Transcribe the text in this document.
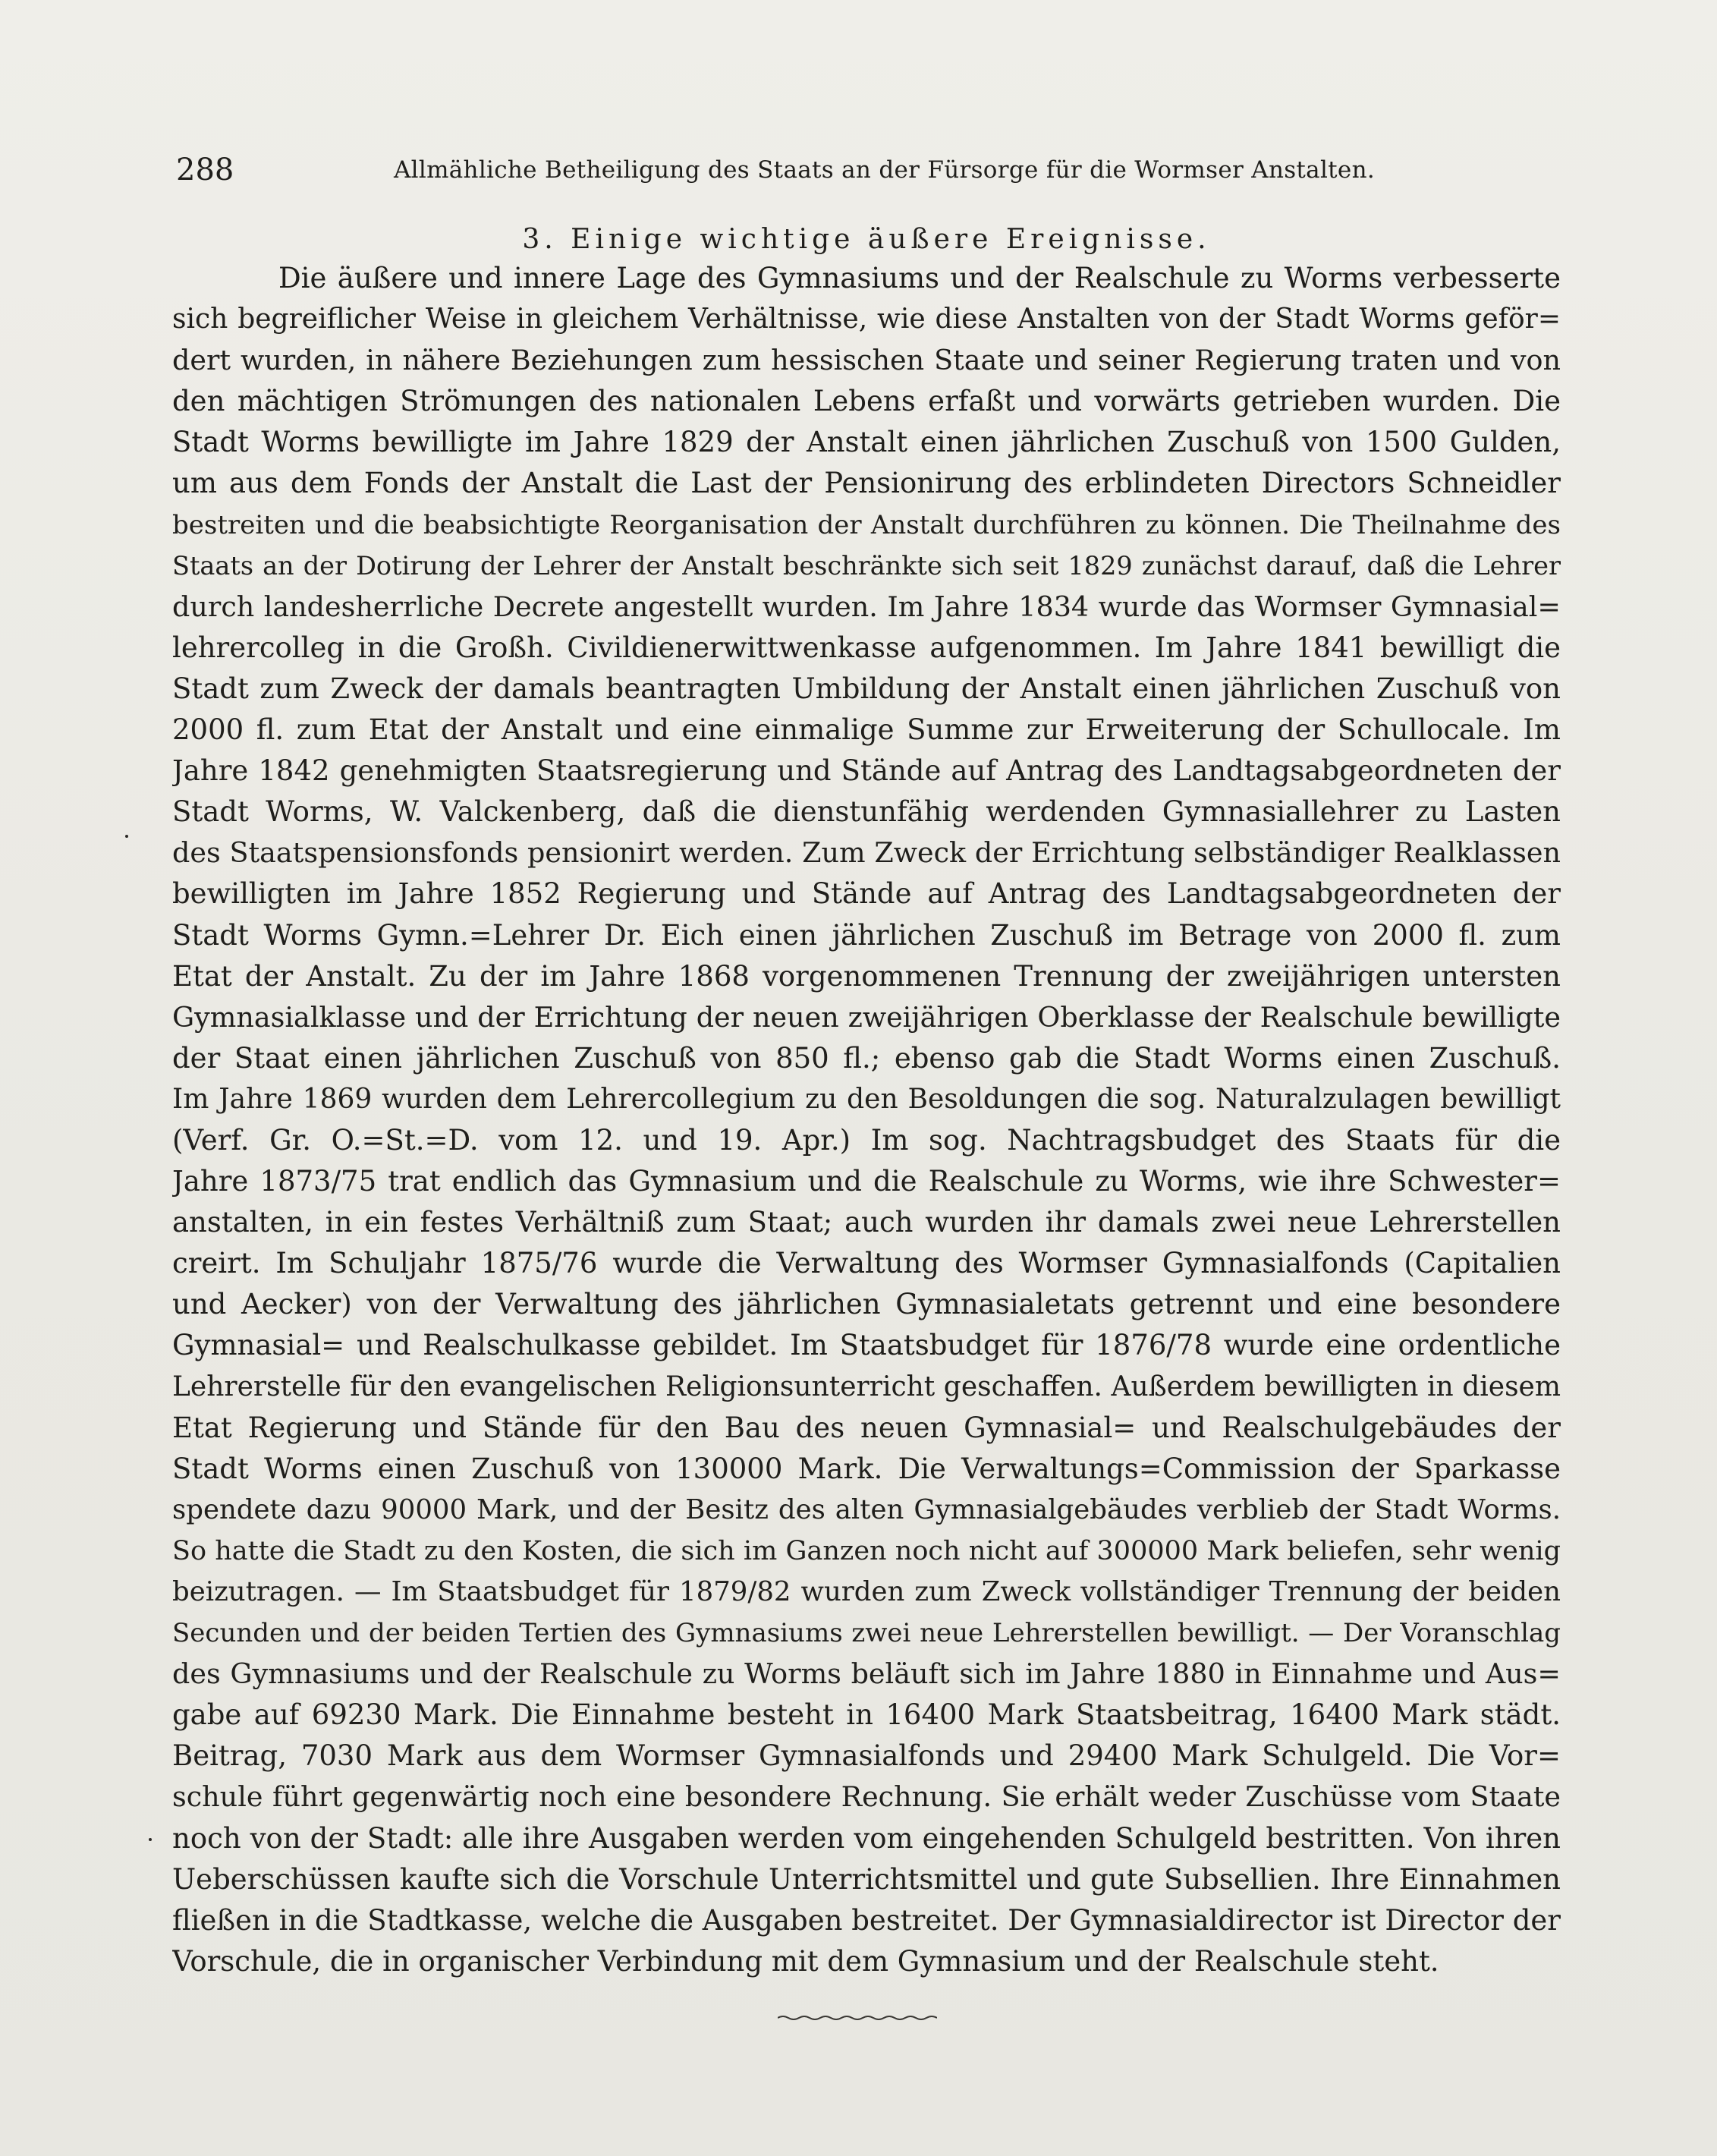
288	Allmähliche Betheiligung des Staats an der Fürsorge für die Wormser Anstalten.
3. Einige wichtige äußere Ereignisse.
Die äußere und innere Lage des Gymnasiums und der Realschule zu Worms verbesserte
sich begreiflicher Weise in gleichem Verhältnisse, wie diese Anstalten von der Stadt Worms geför=
dert wurden, in nähere Beziehungen zum hessischen Staate und seiner Regierung traten und von
den mächtigen Strömungen des nationalen Lebens erfaßt und vorwärts getrieben wurden. Die
Stadt Worms bewilligte im Jahre 1829 der Anstalt einen jährlichen Zuschuß von 1500 Gulden,
um aus dem Fonds der Anstalt die Last der Pensionirung des erblindeten Directors Schneidler
bestreiten und die beabsichtigte Reorganisation der Anstalt durchführen zu können. Die Theilnahme des
Staats an der Dotirung der Lehrer der Anstalt beschränkte sich seit 1829 zunächst darauf, daß die Lehrer
durch landesherrliche Decrete angestellt wurden. Im Jahre 1834 wurde das Wormser Gymnasial=
lehrercolleg in die Großh. Civildienerwittwenkasse aufgenommen. Im Jahre 1841 bewilligt die
Stadt zum Zweck der damals beantragten Umbildung der Anstalt einen jährlichen Zuschuß von
2000 fl. zum Etat der Anstalt und eine einmalige Summe zur Erweiterung der Schullocale. Im
Jahre 1842 genehmigten Staatsregierung und Stände auf Antrag des Landtagsabgeordneten der
Stadt Worms, W. Valckenberg, daß die dienstunfähig werdenden Gymnasiallehrer zu Lasten
des Staatspensionsfonds pensionirt werden. Zum Zweck der Errichtung selbständiger Realklassen
bewilligten im Jahre 1852 Regierung und Stände auf Antrag des Landtagsabgeordneten der
Stadt Worms Gymn.=Lehrer Dr. Eich einen jährlichen Zuschuß im Betrage von 2000 fl. zum
Etat der Anstalt. Zu der im Jahre 1868 vorgenommenen Trennung der zweijährigen untersten
Gymnasialklasse und der Errichtung der neuen zweijährigen Oberklasse der Realschule bewilligte
der Staat einen jährlichen Zuschuß von 850 fl.; ebenso gab die Stadt Worms einen Zuschuß.
Im Jahre 1869 wurden dem Lehrercollegium zu den Besoldungen die sog. Naturalzulagen bewilligt
(Verf. Gr. O.=St.=D. vom 12. und 19. Apr.) Im sog. Nachtragsbudget des Staats für die
Jahre 1873/75 trat endlich das Gymnasium und die Realschule zu Worms, wie ihre Schwester=
anstalten, in ein festes Verhältniß zum Staat; auch wurden ihr damals zwei neue Lehrerstellen
creirt. Im Schuljahr 1875/76 wurde die Verwaltung des Wormser Gymnasialfonds (Capitalien
und Aecker) von der Verwaltung des jährlichen Gymnasialetats getrennt und eine besondere
Gymnasial= und Realschulkasse gebildet. Im Staatsbudget für 1876/78 wurde eine ordentliche
Lehrerstelle für den evangelischen Religionsunterricht geschaffen. Außerdem bewilligten in diesem
Etat Regierung und Stände für den Bau des neuen Gymnasial= und Realschulgebäudes der
Stadt Worms einen Zuschuß von 130000 Mark. Die Verwaltungs=Commission der Sparkasse
spendete dazu 90000 Mark, und der Besitz des alten Gymnasialgebäudes verblieb der Stadt Worms.
So hatte die Stadt zu den Kosten, die sich im Ganzen noch nicht auf 300000 Mark beliefen, sehr wenig
beizutragen. — Im Staatsbudget für 1879/82 wurden zum Zweck vollständiger Trennung der beiden
Secunden und der beiden Tertien des Gymnasiums zwei neue Lehrerstellen bewilligt. — Der Voranschlag
des Gymnasiums und der Realschule zu Worms beläuft sich im Jahre 1880 in Einnahme und Aus=
gabe auf 69230 Mark. Die Einnahme besteht in 16400 Mark Staatsbeitrag, 16400 Mark städt.
Beitrag, 7030 Mark aus dem Wormser Gymnasialfonds und 29400 Mark Schulgeld. Die Vor=
schule führt gegenwärtig noch eine besondere Rechnung. Sie erhält weder Zuschüsse vom Staate
noch von der Stadt: alle ihre Ausgaben werden vom eingehenden Schulgeld bestritten. Von ihren
Ueberschüssen kaufte sich die Vorschule Unterrichtsmittel und gute Subsellien. Ihre Einnahmen
fließen in die Stadtkasse, welche die Ausgaben bestreitet. Der Gymnasialdirector ist Director der
Vorschule, die in organischer Verbindung mit dem Gymnasium und der Realschule steht.
